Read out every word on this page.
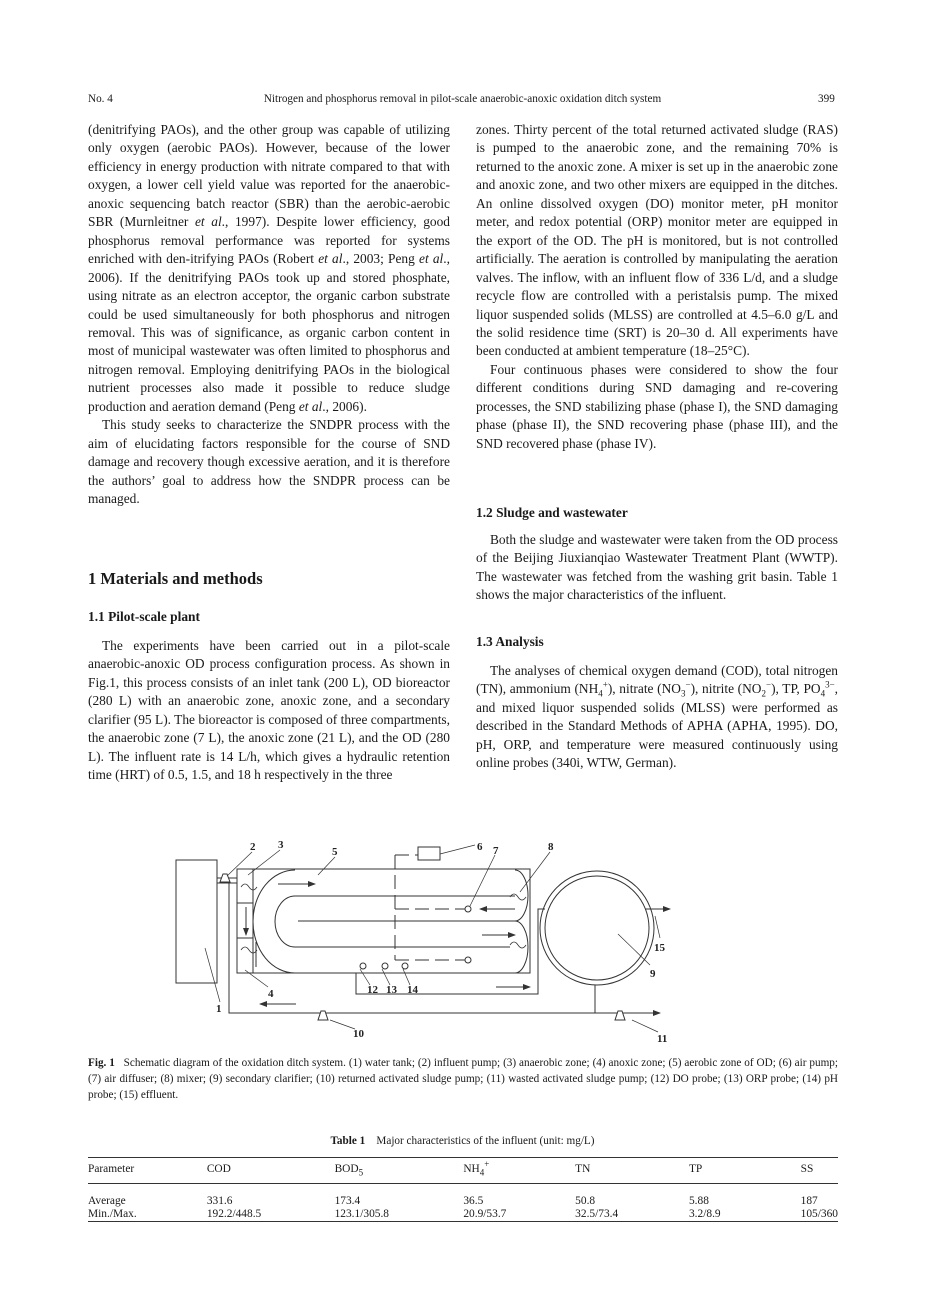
No. 4	Nitrogen and phosphorus removal in pilot-scale anaerobic-anoxic oxidation ditch system	399

(denitrifying PAOs), and the other group was capable of utilizing only oxygen (aerobic PAOs). However, because of the lower efficiency in energy production with nitrate compared to that with oxygen, a lower cell yield value was reported for the anaerobic-anoxic sequencing batch reactor (SBR) than the aerobic-aerobic SBR (Murnleitner et al., 1997). Despite lower efficiency, good phosphorus removal performance was reported for systems enriched with den-itrifying PAOs (Robert et al., 2003; Peng et al., 2006). If the denitrifying PAOs took up and stored phosphate, using nitrate as an electron acceptor, the organic carbon substrate could be used simultaneously for both phosphorus and nitrogen removal. This was of significance, as organic carbon content in most of municipal wastewater was often limited to phosphorus and nitrogen removal. Employing denitrifying PAOs in the biological nutrient processes also made it possible to reduce sludge production and aeration demand (Peng et al., 2006).

This study seeks to characterize the SNDPR process with the aim of elucidating factors responsible for the course of SND damage and recovery though excessive aeration, and it is therefore the authors’ goal to address how the SNDPR process can be managed.

1 Materials and methods
1.1 Pilot-scale plant

The experiments have been carried out in a pilot-scale anaerobic-anoxic OD process configuration process. As shown in Fig.1, this process consists of an inlet tank (200 L), OD bioreactor (280 L) with an anaerobic zone, anoxic zone, and a secondary clarifier (95 L). The bioreactor is composed of three compartments, the anaerobic zone (7 L), the anoxic zone (21 L), and the OD (280 L). The influent rate is 14 L/h, which gives a hydraulic retention time (HRT) of 0.5, 1.5, and 18 h respectively in the three

zones. Thirty percent of the total returned activated sludge (RAS) is pumped to the anaerobic zone, and the remaining 70% is returned to the anoxic zone. A mixer is set up in the anaerobic zone and anoxic zone, and two other mixers are equipped in the ditches. An online dissolved oxygen (DO) monitor meter, pH monitor meter, and redox potential (ORP) monitor meter are equipped in the export of the OD. The pH is monitored, but is not controlled artificially. The aeration is controlled by manipulating the aeration valves. The inflow, with an influent flow of 336 L/d, and a sludge recycle flow are controlled with a peristalsis pump. The mixed liquor suspended solids (MLSS) are controlled at 4.5–6.0 g/L and the solid residence time (SRT) is 20–30 d. All experiments have been conducted at ambient temperature (18–25°C).

Four continuous phases were considered to show the four different conditions during SND damaging and re-covering processes, the SND stabilizing phase (phase I), the SND damaging phase (phase II), the SND recovering phase (phase III), and the SND recovered phase (phase IV).

1.2 Sludge and wastewater

Both the sludge and wastewater were taken from the OD process of the Beijing Jiuxianqiao Wastewater Treatment Plant (WWTP). The wastewater was fetched from the washing grit basin. Table 1 shows the major characteristics of the influent.

1.3 Analysis

The analyses of chemical oxygen demand (COD), total nitrogen (TN), ammonium $(NH_4^+)$, nitrate $(NO_3^-)$, nitrite $(NO_2^-)$, TP, $PO_4^{3-}$, and mixed liquor suspended solids (MLSS) were performed as described in the Standard Methods of APHA (APHA, 1995). DO, pH, ORP, and temperature were measured continuously using online probes (340i, WTW, German).

1
2 3
4
5	6 7	8
9
10	11
12 13 14
15
Fig. 1 Schematic diagram of the oxidation ditch system. (1) water tank; (2) influent pump; (3) anaerobic zone; (4) anoxic zone; (5) aerobic zone of OD; (6) air pump; (7) air diffuser; (8) mixer; (9) secondary clarifier; (10) returned activated sludge pump; (11) wasted activated sludge pump; (12) DO probe; (13) ORP probe; (14) pH probe; (15) effluent.
Table 1 Major characteristics of the influent (unit: mg/L)
Parameter	COD	$BOD_5$	$NH_4^+$	TN	TP	SS
Average	331.6	173.4	36.5	50.8	5.88	187
Min./Max.	192.2/448.5	123.1/305.8	20.9/53.7	32.5/73.4	3.2/8.9	105/360
